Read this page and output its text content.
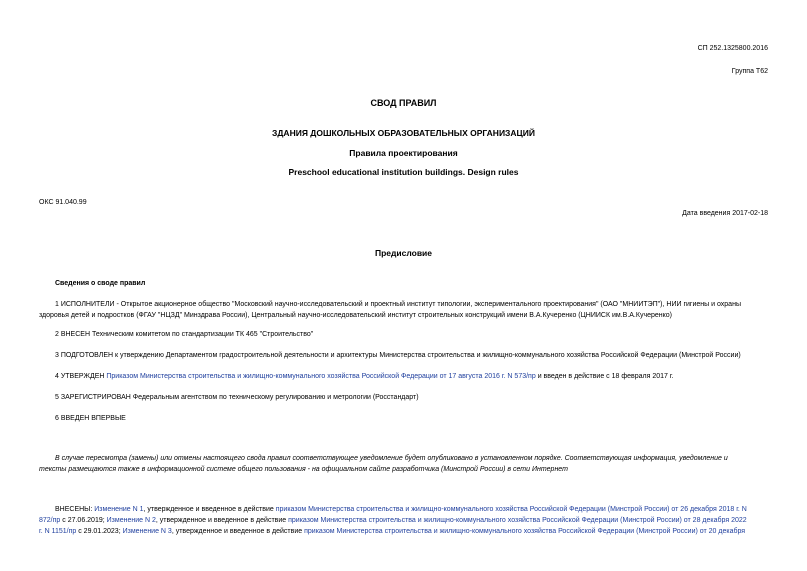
СП 252.1325800.2016
Группа Т62
СВОД ПРАВИЛ
ЗДАНИЯ ДОШКОЛЬНЫХ ОБРАЗОВАТЕЛЬНЫХ ОРГАНИЗАЦИЙ
Правила проектирования
Preschool educational institution buildings. Design rules
ОКС 91.040.99
Дата введения 2017-02-18
Предисловие
Сведения о своде правил
1 ИСПОЛНИТЕЛИ - Открытое акционерное общество "Московский научно-исследовательский и проектный институт типологии, экспериментального проектирования" (ОАО "МНИИТЭП"), НИИ гигиены и охраны
здоровья детей и подростков (ФГАУ "НЦЗД" Минздрава России), Центральный научно-исследовательский институт строительных конструкций имени В.А.Кучеренко (ЦНИИСК им.В.А.Кучеренко)
2 ВНЕСЕН Техническим комитетом по стандартизации ТК 465 "Строительство"
3 ПОДГОТОВЛЕН к утверждению Департаментом градостроительной деятельности и архитектуры Министерства строительства и жилищно-коммунального хозяйства Российской Федерации (Минстрой России)
4 УТВЕРЖДЕН Приказом Министерства строительства и жилищно-коммунального хозяйства Российской Федерации от 17 августа 2016 г. N 573/пр и введен в действие с 18 февраля 2017 г.
5 ЗАРЕГИСТРИРОВАН Федеральным агентством по техническому регулированию и метрологии (Росстандарт)
6 ВВЕДЕН ВПЕРВЫЕ
В случае пересмотра (замены) или отмены настоящего свода правил соответствующее уведомление будет опубликовано в установленном порядке. Соответствующая информация, уведомление и
тексты размещаются также в информационной системе общего пользования - на официальном сайте разработчика (Минстрой России) в сети Интернет
ВНЕСЕНЫ: Изменение N 1, утвержденное и введенное в действие приказом Министерства строительства и жилищно-коммунального хозяйства Российской Федерации (Минстрой России) от 26 декабря 2018 г. N
872/пр с 27.06.2019; Изменение N 2, утвержденное и введенное в действие приказом Министерства строительства и жилищно-коммунального хозяйства Российской Федерации (Минстрой России) от 28 декабря 2022
г. N 1151/пр с 29.01.2023; Изменение N 3, утвержденное и введенное в действие приказом Министерства строительства и жилищно-коммунального хозяйства Российской Федерации (Минстрой России) от 20 декабря
